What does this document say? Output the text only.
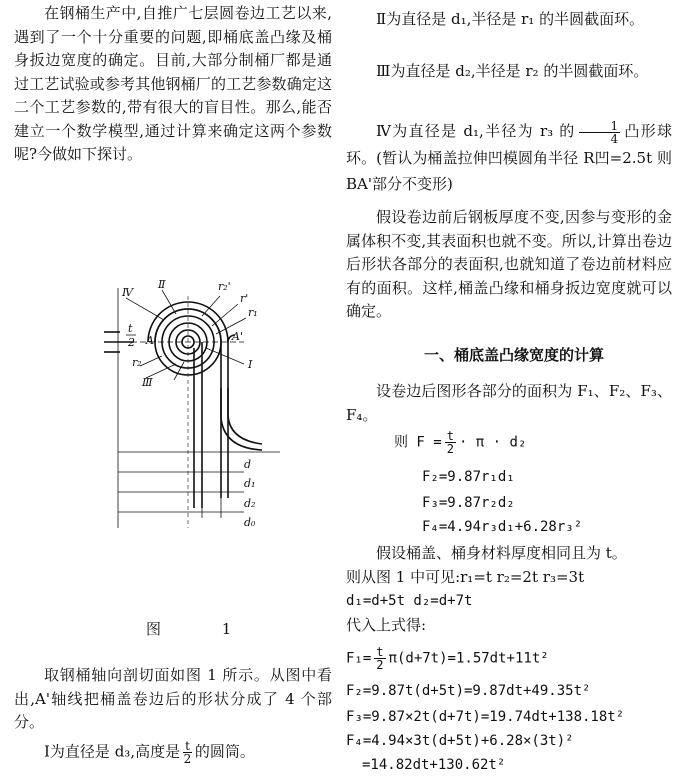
在钢桶生产中,自推广七层圆卷边工艺以来,遇到了一个十分重要的问题,即桶底盖凸缘及桶身扳边宽度的确定。目前,大部分制桶厂都是通过工艺试验或参考其他钢桶厂的工艺参数确定这二个工艺参数的,带有很大的盲目性。那么,能否建立一个数学模型,通过计算来确定这两个参数呢?今做如下探讨。
Ⅳ
Ⅱ	r₂'
r'
r₁
A'
A
t
2
r₂
Ⅲ
Ⅰ
d
d₁
d₂
d₀
图 1
取钢桶轴向剖切面如图 1 所示。从图中看出,A'轴线把桶盖卷边后的形状分成了 4 个部分。
Ⅰ为直径是 d₃,高度是 $\frac{t}{2}$ 的圆筒。
Ⅱ为直径是 d₁,半径是 r₁ 的半圆截面环。
Ⅲ为直径是 d₂,半径是 r₂ 的半圆截面环。
Ⅳ为直径是 d₁,半径为 r₃ 的 $\frac{1}{4}$ 凸形球环。(暂认为桶盖拉伸凹模圆角半径 R凹=2.5t 则BA'部分不变形)
假设卷边前后钢板厚度不变,因参与变形的金属体积不变,其表面积也就不变。所以,计算出卷边后形状各部分的表面积,也就知道了卷边前材料应有的面积。这样,桶盖凸缘和桶身扳边宽度就可以确定。
一、桶底盖凸缘宽度的计算
设卷边后图形各部分的面积为 F₁、F₂、F₃、F₄。
则 $F = \frac{t}{2} \cdot \pi \cdot d_2$
F₂=9.87r₁d₁
F₃=9.87r₂d₂
F₄=4.94r₃d₁+6.28r₃²
假设桶盖、桶身材料厚度相同且为 t。
则从图 1 中可见:r₁=t r₂=2t r₃=3t
d₁=d+5t d₂=d+7t
代入上式得:
$F_1= \frac{t}{2} \pi(d+7t)=1.57dt+11t^2$
F₂=9.87t(d+5t)=9.87dt+49.35t²
F₃=9.87×2t(d+7t)=19.74dt+138.18t²
F₄=4.94×3t(d+5t)+6.28×(3t)²
=14.82dt+130.62t²
